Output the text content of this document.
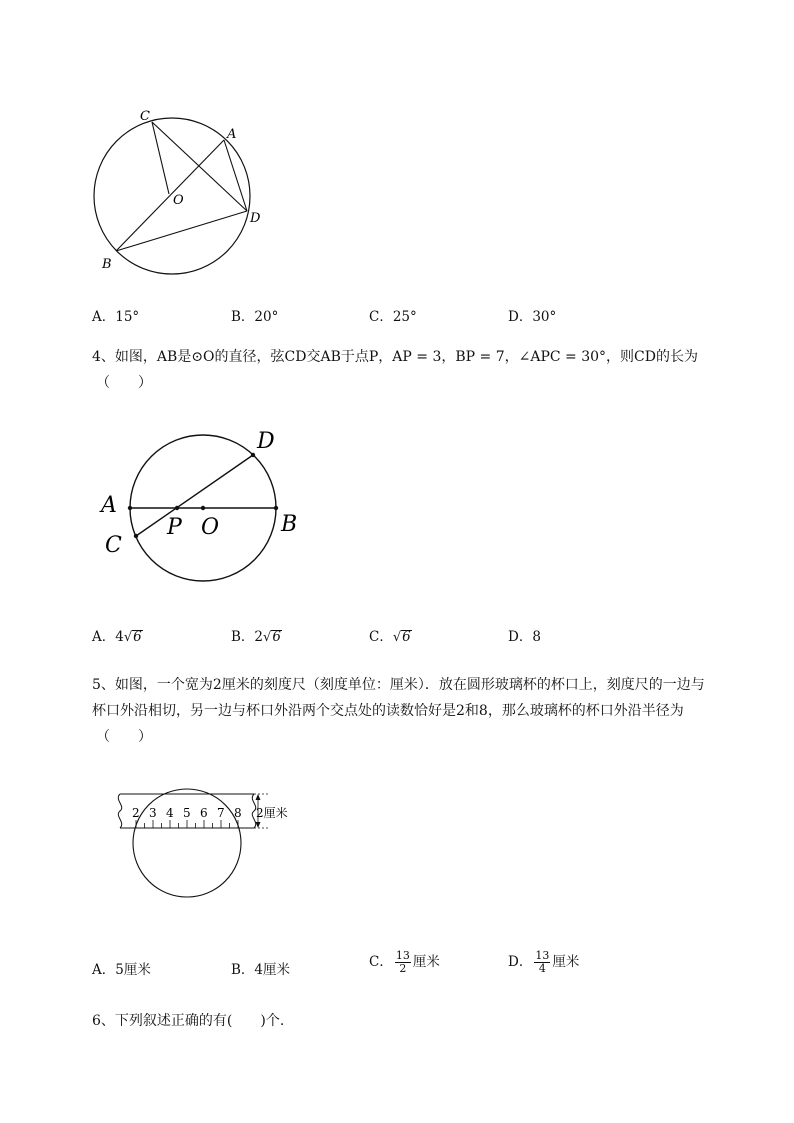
C
A
O
D
B
A．15°	B．20°	C．25°	D．30°
4、如图，AB是⊙O的直径，弦CD交AB于点P，AP = 3，BP = 7，∠APC = 30°，则CD的长为
（　　）
A
B
C
D
P O
A．4√6	B．2√6	C．√6	D．8
5、如图，一个宽为2厘米的刻度尺（刻度单位：厘米）．放在圆形玻璃杯的杯口上，刻度尺的一边与
杯口外沿相切，另一边与杯口外沿两个交点处的读数恰好是2和8，那么玻璃杯的杯口外沿半径为
（　　）
2 3 4 5 6 7 8 2厘米
A．5厘米	B．4厘米	C． $\frac{13}{2}$ 厘米	D． $\frac{13}{4}$ 厘米
6、下列叙述正确的有(　　)个.
